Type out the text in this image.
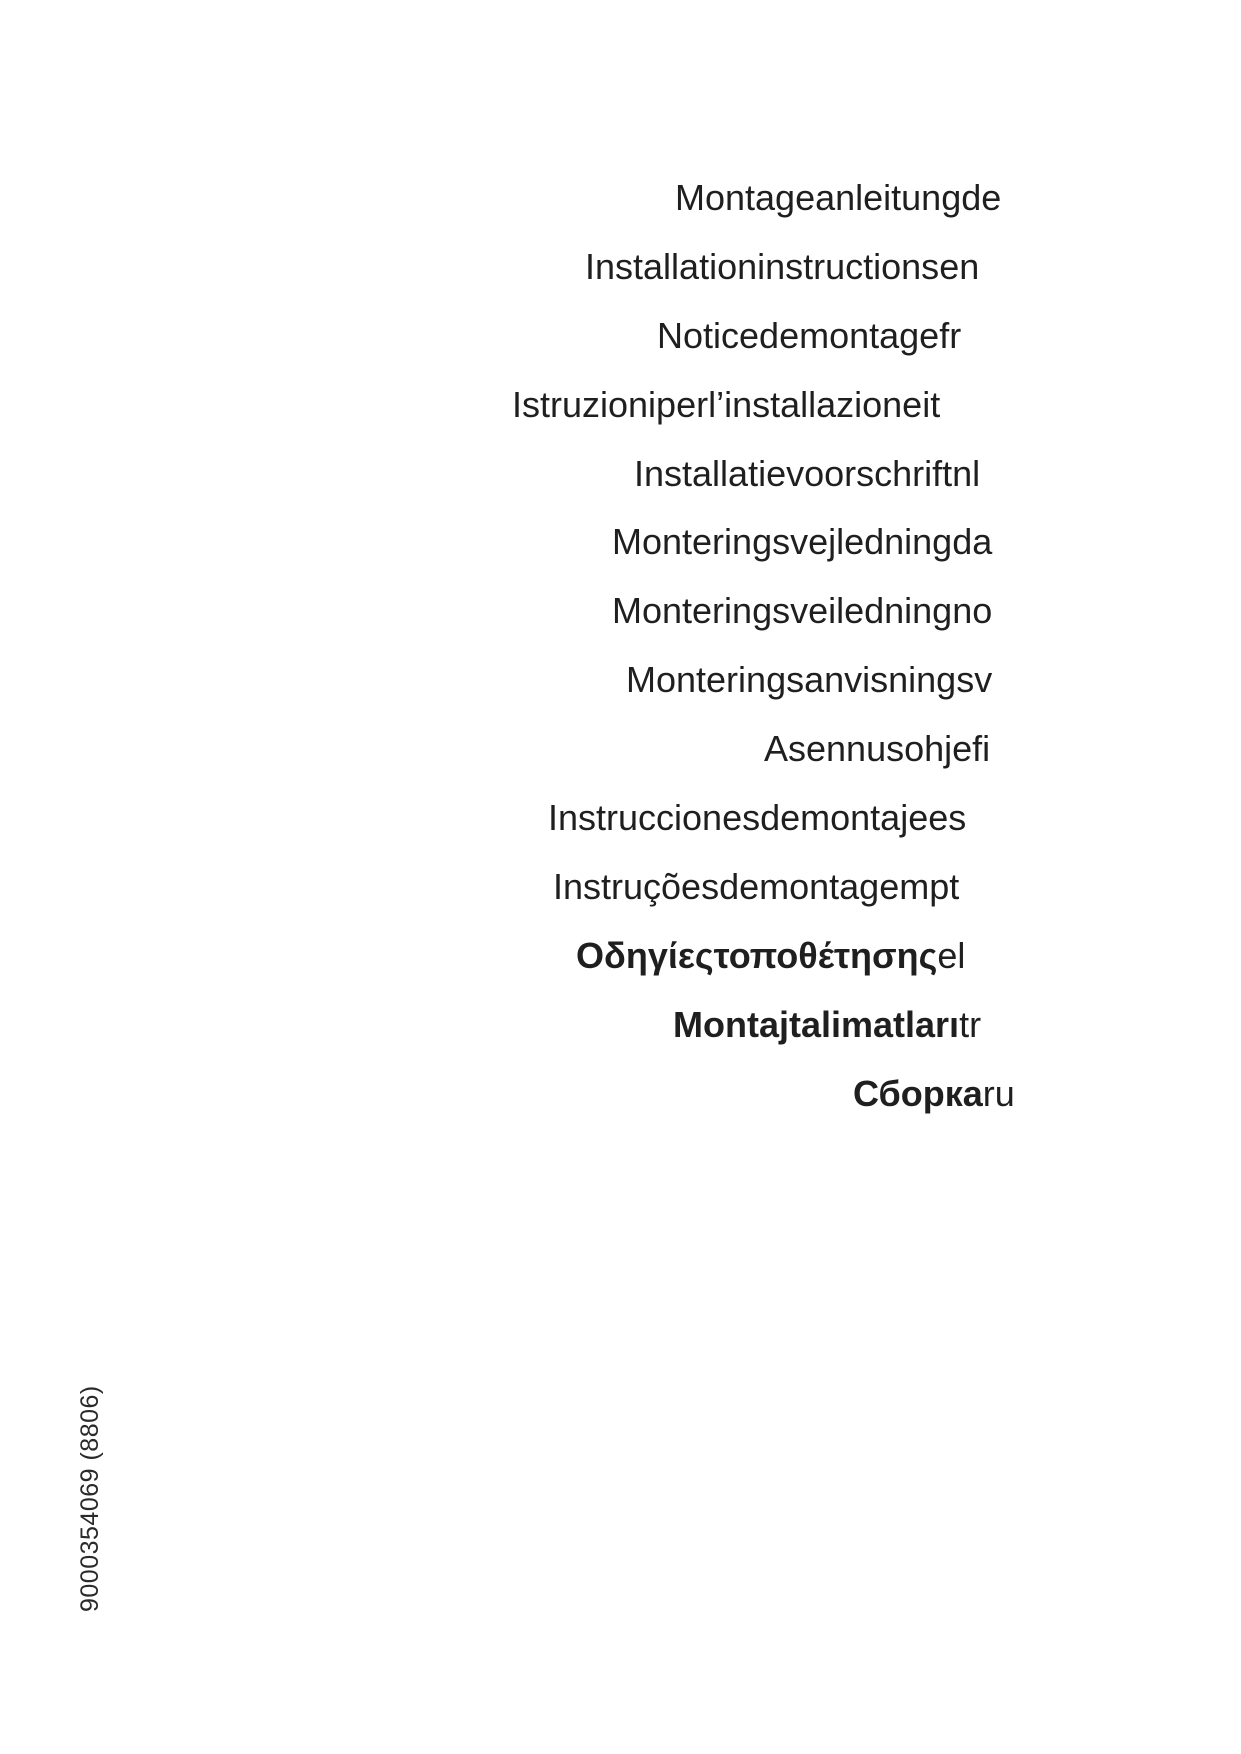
Montageanleitungde
Installationinstructionsen
Noticedemontagefr
Istruzioniperl’installazioneit
Installatievoorschriftnl
Monteringsvejledningda
Monteringsveiledningno
Monteringsanvisningsv
Asennusohjefi
Instruccionesdemontajees
Instruçõesdemontagempt
Οδηγίεςτοποθέτησηςel
Montajtalimatlarıtr
Сборкаru
9000354069 (8806)
